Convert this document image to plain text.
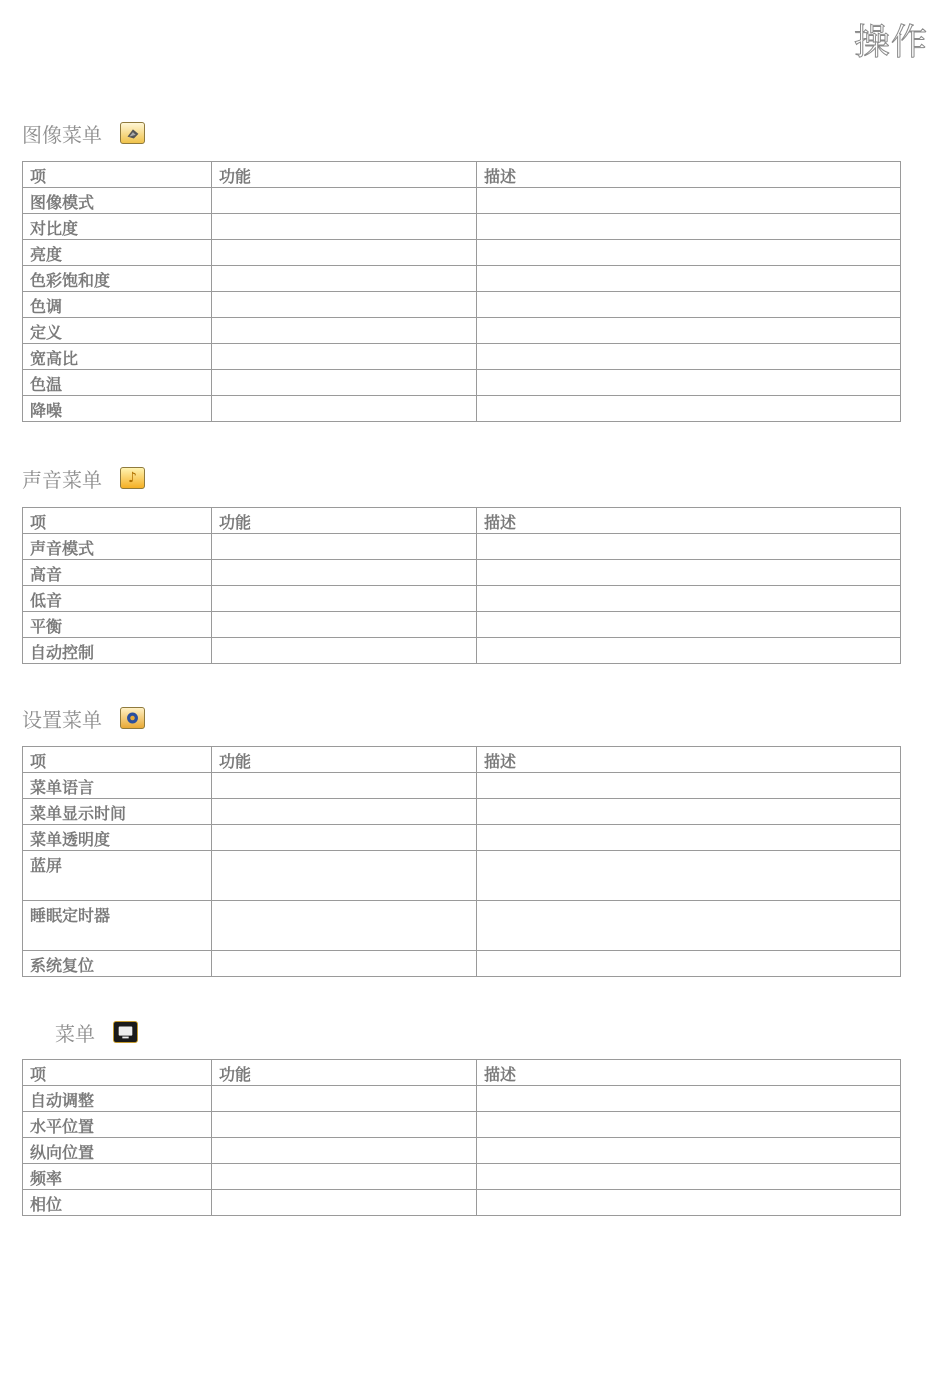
操作
图像菜单
项	功能	描述
图像模式		
对比度		
亮度		
色彩饱和度		
色调		
定义		
宽高比		
色温		
降噪		
声音菜单	♪
项	功能	描述
声音模式		
高音		
低音		
平衡		
自动控制		
设置菜单
项	功能	描述
菜单语言		
菜单显示时间		
菜单透明度		
蓝屏		
睡眠定时器		
系统复位		
菜单
项	功能	描述
自动调整		
水平位置		
纵向位置		
频率		
相位		
